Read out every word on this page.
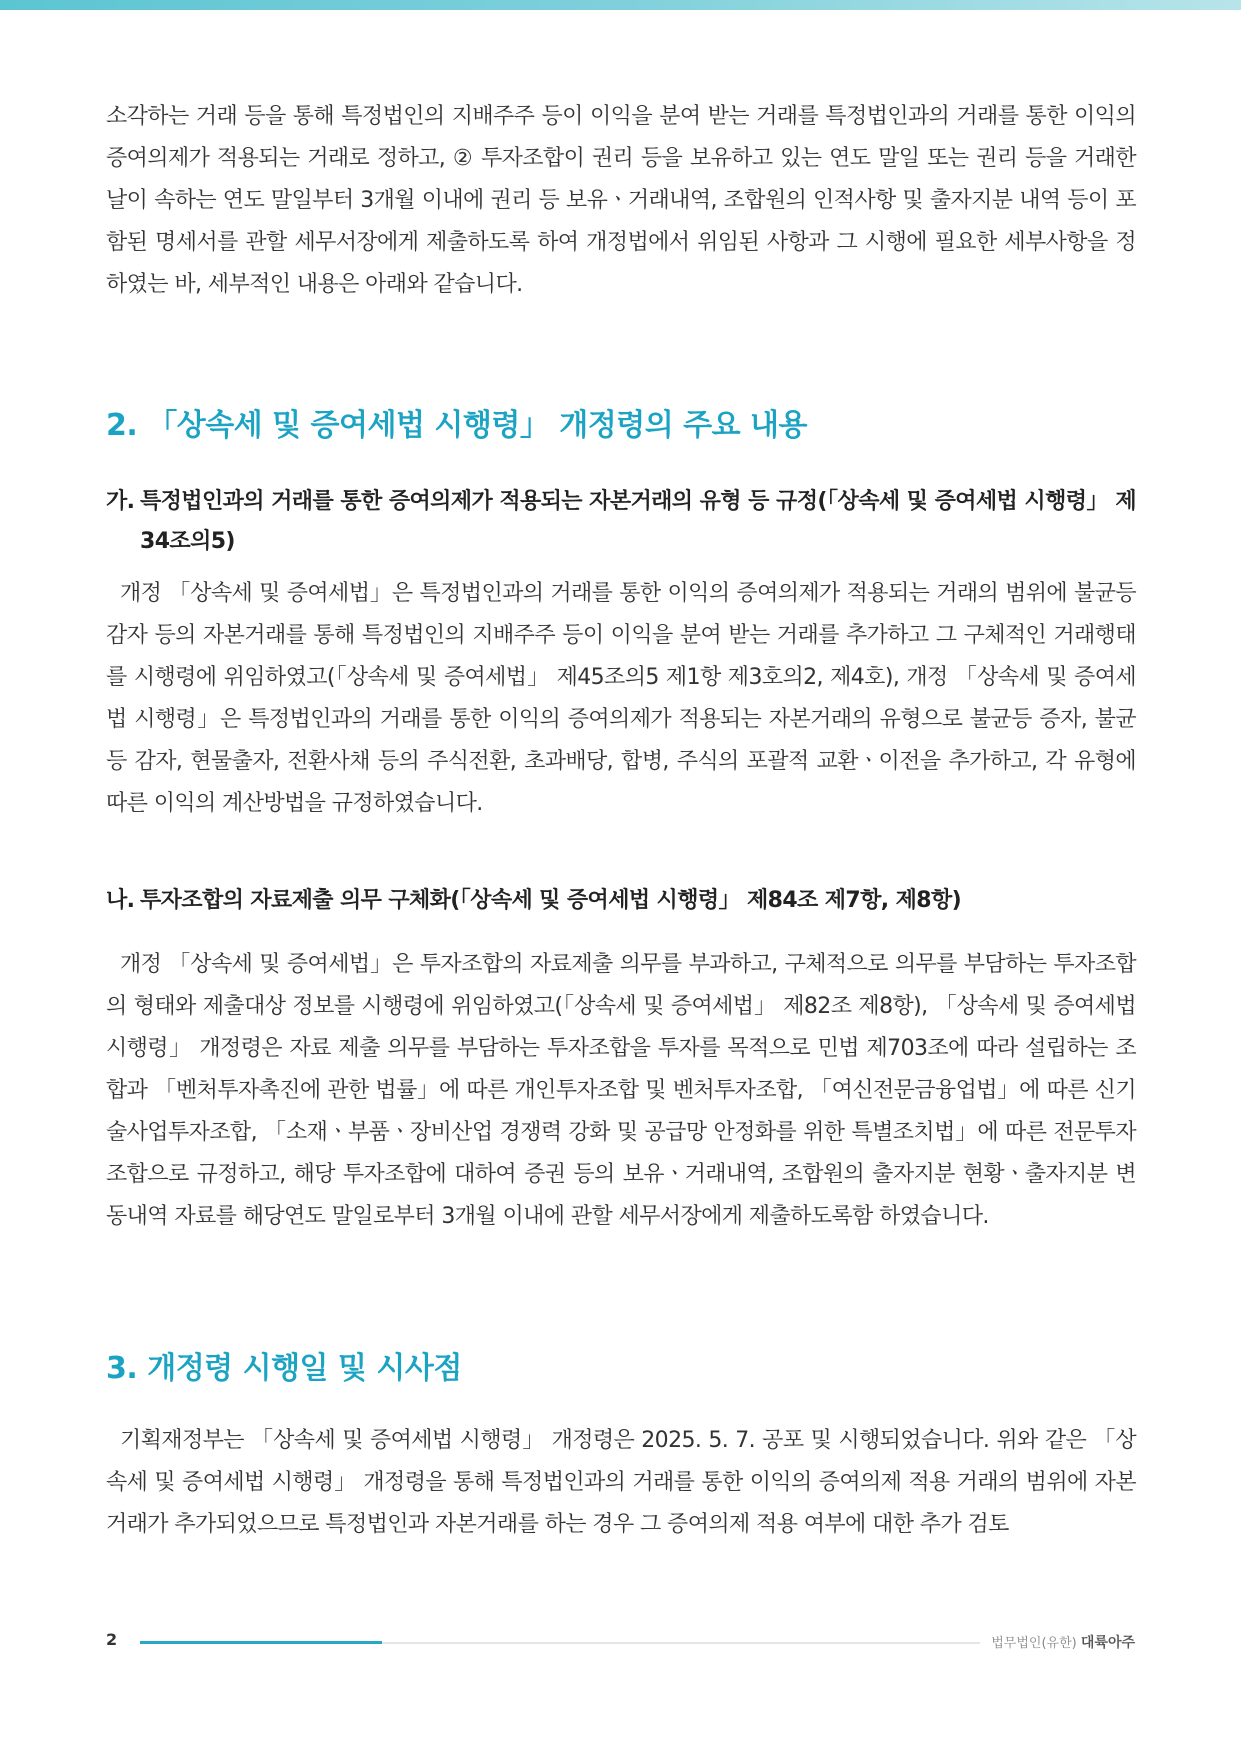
소각하는 거래 등을 통해 특정법인의 지배주주 등이 이익을 분여 받는 거래를 특정법인과의 거래를 통한 이익의 증여의제가 적용되는 거래로 정하고, ② 투자조합이 권리 등을 보유하고 있는 연도 말일 또는 권리 등을 거래한 날이 속하는 연도 말일부터 3개월 이내에 권리 등 보유ㆍ거래내역, 조합원의 인적사항 및 출자지분 내역 등이 포함된 명세서를 관할 세무서장에게 제출하도록 하여 개정법에서 위임된 사항과 그 시행에 필요한 세부사항을 정하였는 바, 세부적인 내용은 아래와 같습니다.

2. 「상속세 및 증여세법 시행령」 개정령의 주요 내용
가. 특정법인과의 거래를 통한 증여의제가 적용되는 자본거래의 유형 등 규정(「상속세 및 증여세법 시행령」 제34조의5)

개정 「상속세 및 증여세법」은 특정법인과의 거래를 통한 이익의 증여의제가 적용되는 거래의 범위에 불균등 감자 등의 자본거래를 통해 특정법인의 지배주주 등이 이익을 분여 받는 거래를 추가하고 그 구체적인 거래행태를 시행령에 위임하였고(「상속세 및 증여세법」 제45조의5 제1항 제3호의2, 제4호), 개정 「상속세 및 증여세법 시행령」은 특정법인과의 거래를 통한 이익의 증여의제가 적용되는 자본거래의 유형으로 불균등 증자, 불균등 감자, 현물출자, 전환사채 등의 주식전환, 초과배당, 합병, 주식의 포괄적 교환ㆍ이전을 추가하고, 각 유형에 따른 이익의 계산방법을 규정하였습니다.

나. 투자조합의 자료제출 의무 구체화(「상속세 및 증여세법 시행령」 제84조 제7항, 제8항)

개정 「상속세 및 증여세법」은 투자조합의 자료제출 의무를 부과하고, 구체적으로 의무를 부담하는 투자조합의 형태와 제출대상 정보를 시행령에 위임하였고(「상속세 및 증여세법」 제82조 제8항), 「상속세 및 증여세법 시행령」 개정령은 자료 제출 의무를 부담하는 투자조합을 투자를 목적으로 민법 제703조에 따라 설립하는 조합과 「벤처투자촉진에 관한 법률」에 따른 개인투자조합 및 벤처투자조합, 「여신전문금융업법」에 따른 신기술사업투자조합, 「소재ㆍ부품ㆍ장비산업 경쟁력 강화 및 공급망 안정화를 위한 특별조치법」에 따른 전문투자조합으로 규정하고, 해당 투자조합에 대하여 증권 등의 보유ㆍ거래내역, 조합원의 출자지분 현황ㆍ출자지분 변동내역 자료를 해당연도 말일로부터 3개월 이내에 관할 세무서장에게 제출하도록함 하였습니다.

3. 개정령 시행일 및 시사점

기획재정부는 「상속세 및 증여세법 시행령」 개정령은 2025. 5. 7. 공포 및 시행되었습니다. 위와 같은 「상속세 및 증여세법 시행령」 개정령을 통해 특정법인과의 거래를 통한 이익의 증여의제 적용 거래의 범위에 자본거래가 추가되었으므로 특정법인과 자본거래를 하는 경우 그 증여의제 적용 여부에 대한 추가 검토

2	법무법인(유한) 대륙아주
